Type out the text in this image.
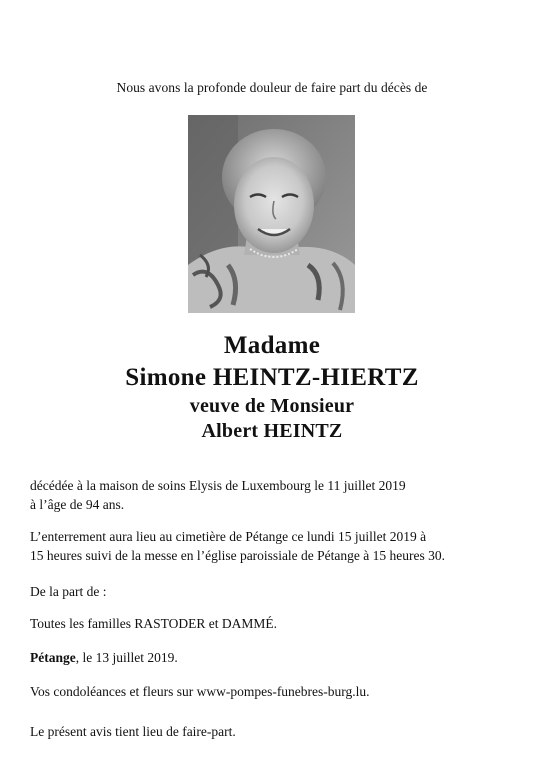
Nous avons la profonde douleur de faire part du décès de
Madame
Simone HEINTZ-HIERTZ
veuve de Monsieur
Albert HEINTZ
décédée à la maison de soins Elysis de Luxembourg le 11 juillet 2019
à l’âge de 94 ans.
L’enterrement aura lieu au cimetière de Pétange ce lundi 15 juillet 2019 à
15 heures suivi de la messe en l’église paroissiale de Pétange à 15 heures 30.
De la part de :
Toutes les familles RASTODER et DAMMÉ.
Pétange, le 13 juillet 2019.
Vos condoléances et fleurs sur www-pompes-funebres-burg.lu.
Le présent avis tient lieu de faire-part.
